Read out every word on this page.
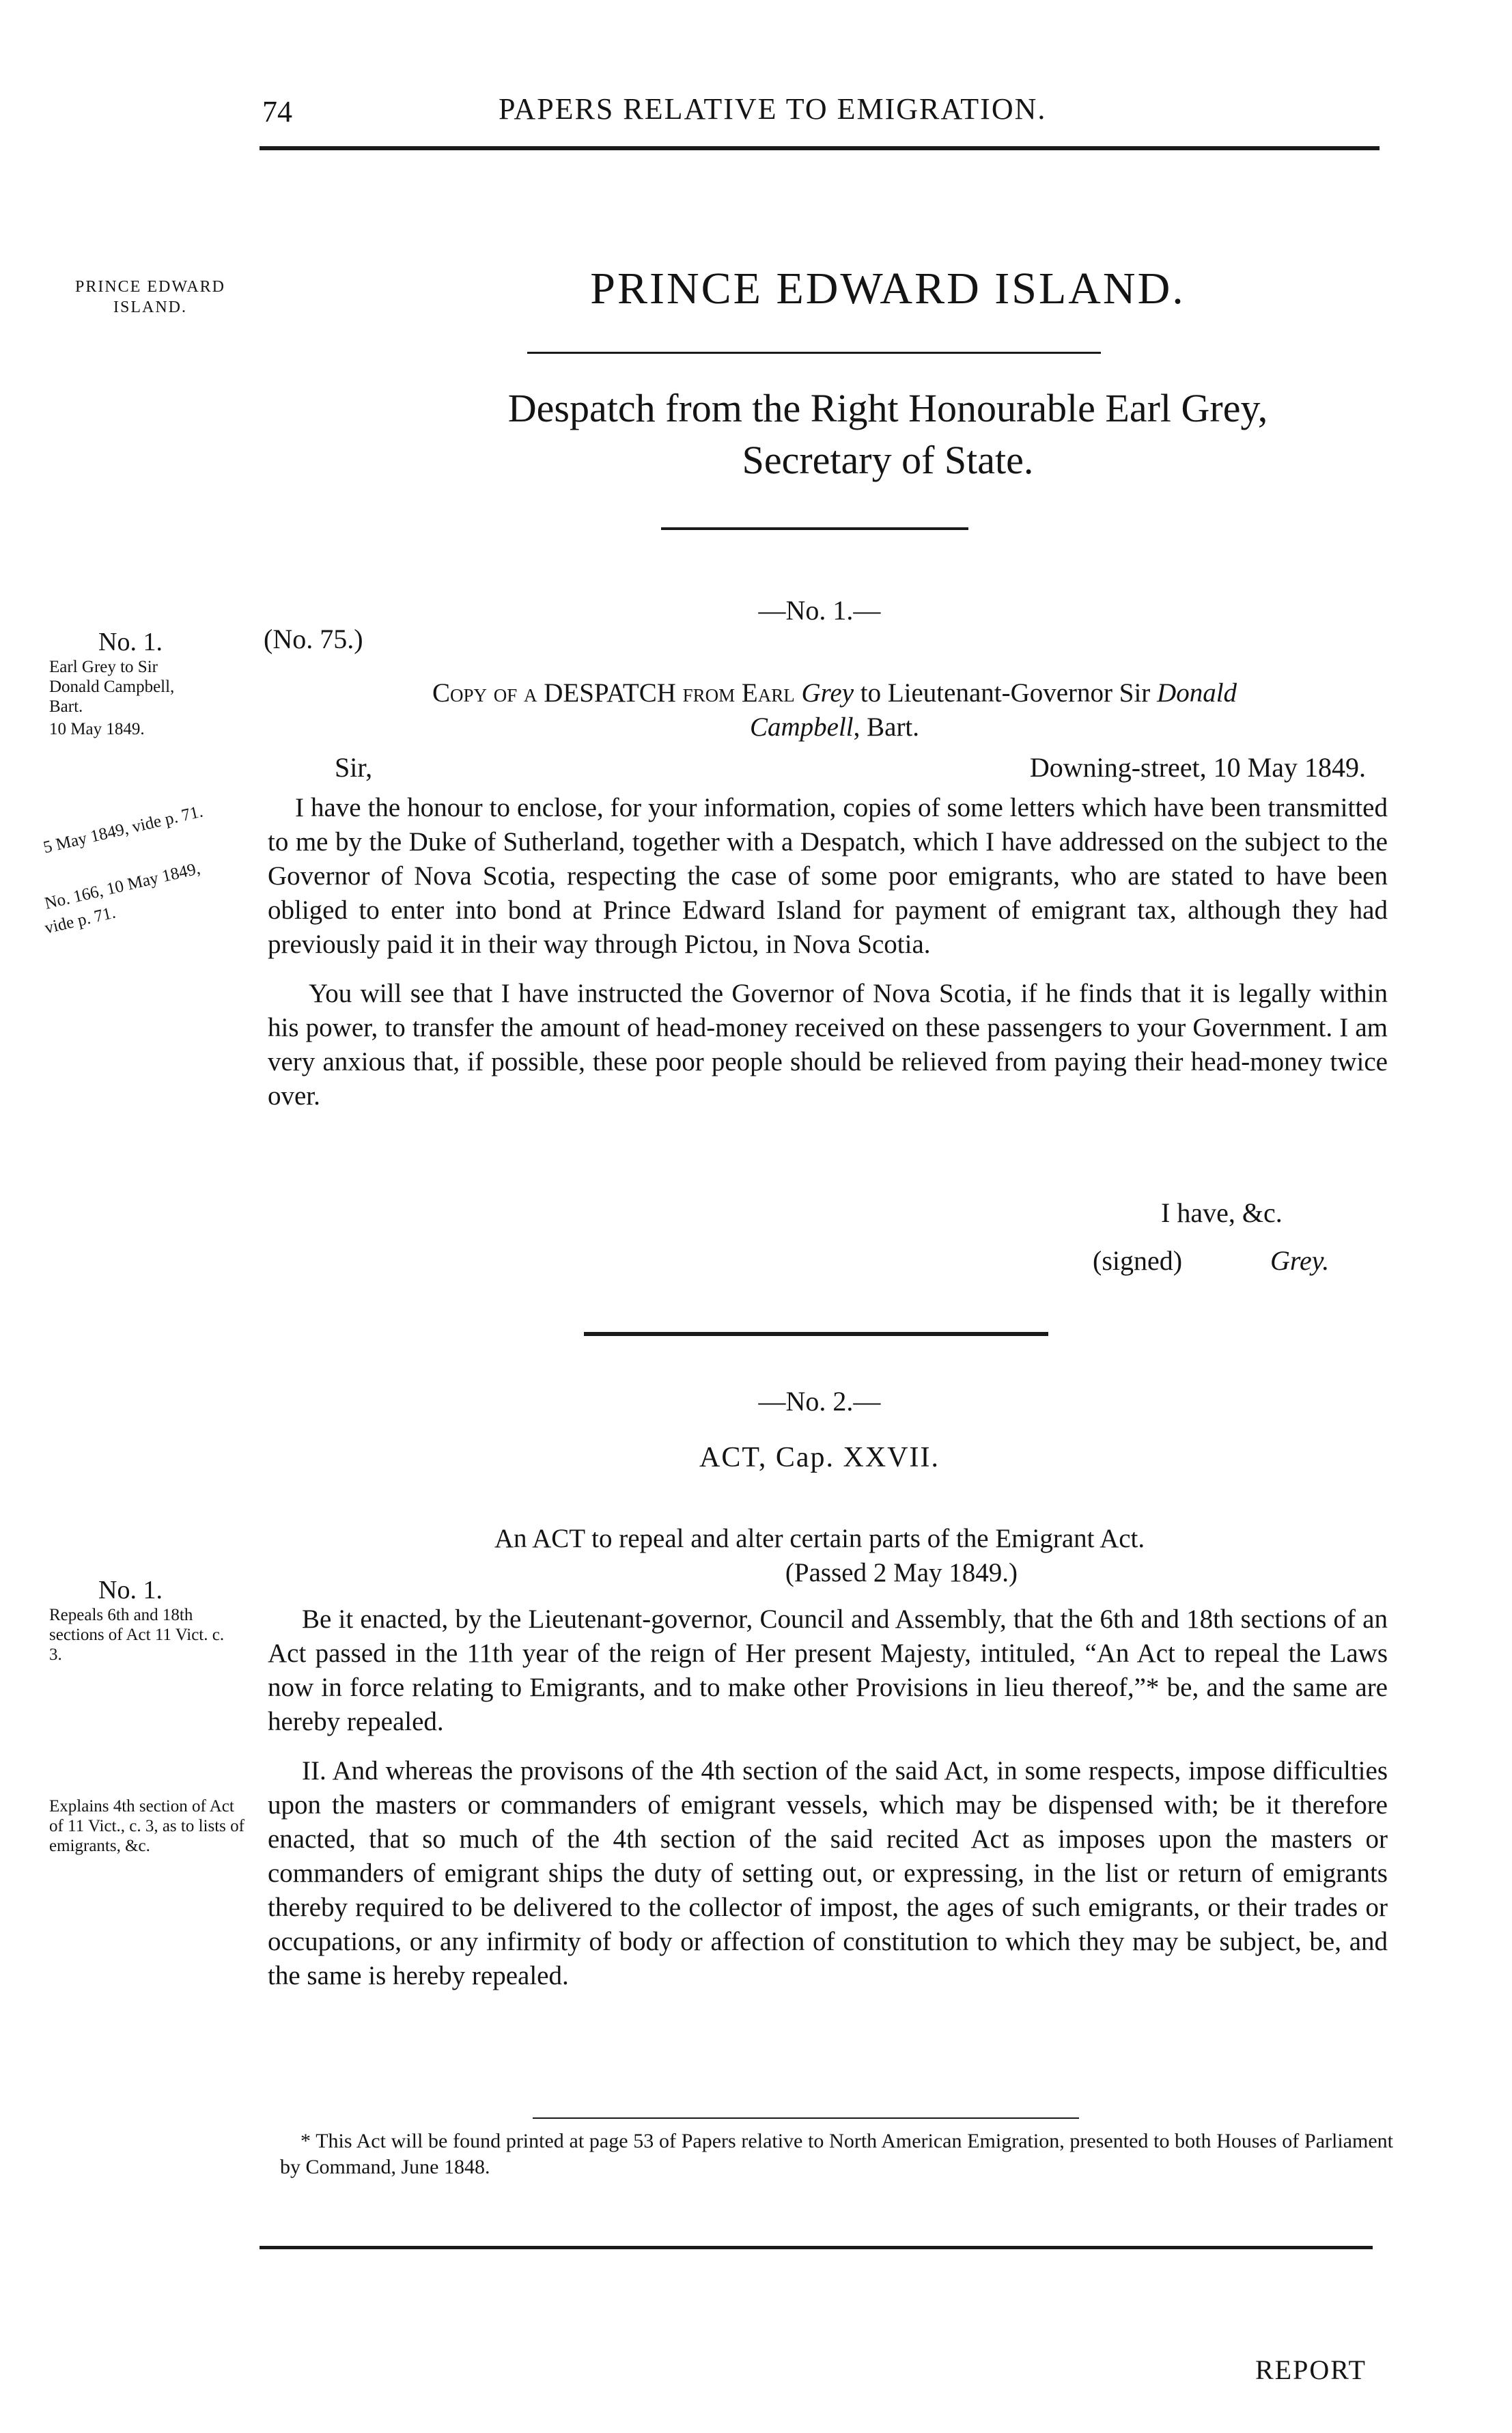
74	PAPERS RELATIVE TO EMIGRATION.
PRINCE EDWARD
ISLAND.	PRINCE EDWARD ISLAND.
Despatch from the Right Honourable Earl Grey,
Secretary of State.
—No. 1.—
No. 1.
Earl Grey to Sir
Donald Campbell,
Bart.
10 May 1849.
5 May 1849, vide p. 71.
No. 166, 10 May 1849,
vide p. 71.
(No. 75.)
Copy of a DESPATCH from Earl Grey to Lieutenant-Governor Sir Donald
Campbell, Bart.
Sir,	Downing-street, 10 May 1849.

I have the honour to enclose, for your information, copies of some letters which have been transmitted to me by the Duke of Sutherland, together with a Despatch, which I have addressed on the subject to the Governor of Nova Scotia, respecting the case of some poor emigrants, who are stated to have been obliged to enter into bond at Prince Edward Island for payment of emigrant tax, although they had previously paid it in their way through Pictou, in Nova Scotia.

You will see that I have instructed the Governor of Nova Scotia, if he finds that it is legally within his power, to transfer the amount of head-money received on these passengers to your Government. I am very anxious that, if possible, these poor people should be relieved from paying their head-money twice over.

I have, &c.
(signed)	Grey.
—No. 2.—
ACT, Cap. XXVII.
An ACT to repeal and alter certain parts of the Emigrant Act.
(Passed 2 May 1849.)
No. 1.
Repeals 6th and 18th sections of Act 11 Vict. c. 3.
Explains 4th section of Act of 11 Vict., c. 3, as to lists of emigrants, &c.

Be it enacted, by the Lieutenant-governor, Council and Assembly, that the 6th and 18th sections of an Act passed in the 11th year of the reign of Her present Majesty, intituled, “An Act to repeal the Laws now in force relating to Emigrants, and to make other Provisions in lieu thereof,”* be, and the same are hereby repealed.

II. And whereas the provisons of the 4th section of the said Act, in some respects, impose difficulties upon the masters or commanders of emigrant vessels, which may be dispensed with; be it therefore enacted, that so much of the 4th section of the said recited Act as imposes upon the masters or commanders of emigrant ships the duty of setting out, or expressing, in the list or return of emigrants thereby required to be delivered to the collector of impost, the ages of such emigrants, or their trades or occupations, or any infirmity of body or affection of constitution to which they may be subject, be, and the same is hereby repealed.

* This Act will be found printed at page 53 of Papers relative to North American Emigration, presented to both Houses of Parliament by Command, June 1848.
REPORT
